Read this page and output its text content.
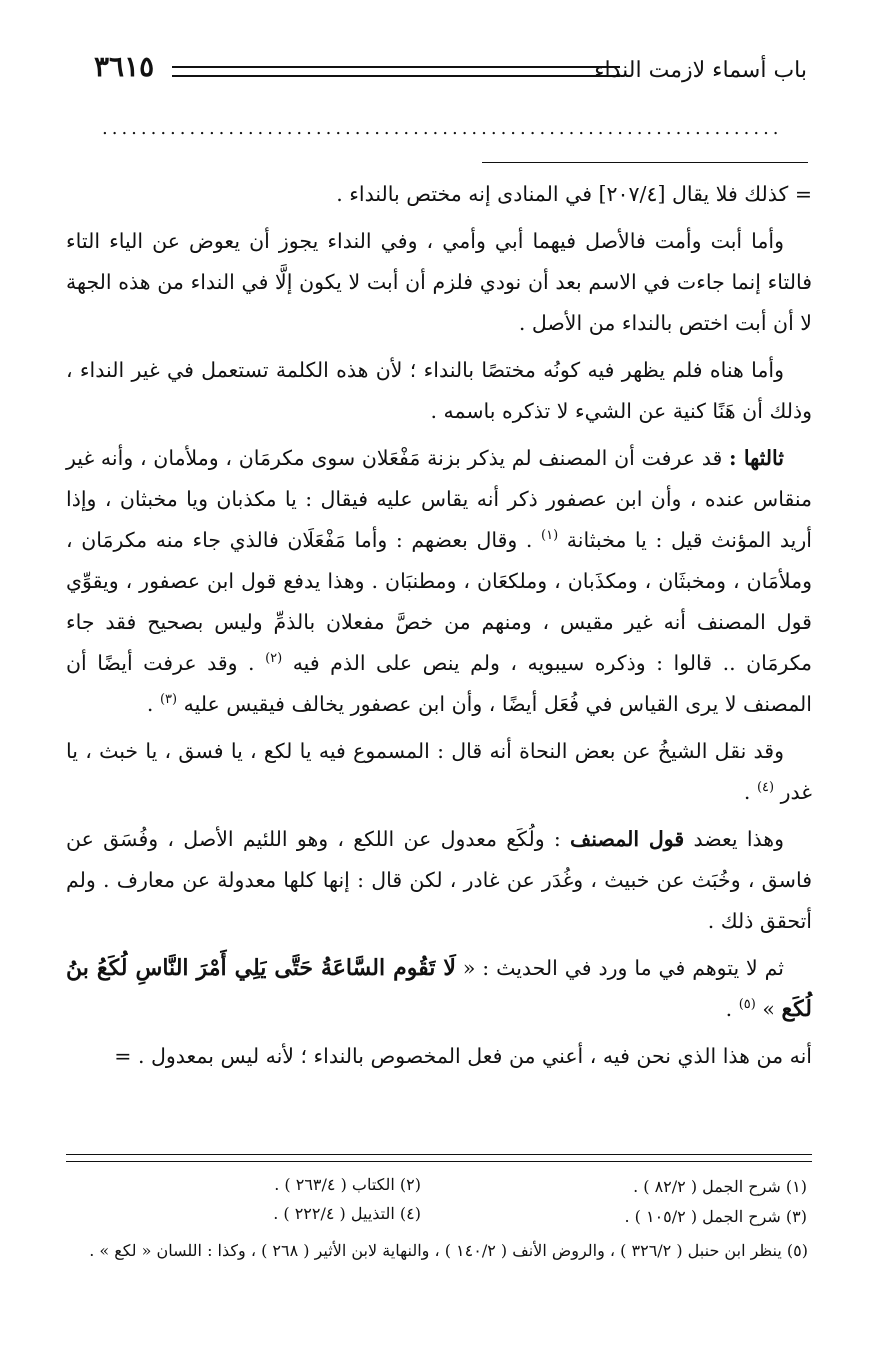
باب أسماء لازمت النداء
٣٦١٥
......................................................................

= كذلك فلا يقال [٢٠٧/٤] في المنادى إنه مختص بالنداء .

وأما أبت وأمت فالأصل فيهما أبي وأمي ، وفي النداء يجوز أن يعوض عن الياء التاء فالتاء إنما جاءت في الاسم بعد أن نودي فلزم أن أبت لا يكون إلَّا في النداء من هذه الجهة لا أن أبت اختص بالنداء من الأصل .

وأما هناه فلم يظهر فيه كونُه مختصًا بالنداء ؛ لأن هذه الكلمة تستعمل في غير النداء ، وذلك أن هَنًا كنية عن الشيء لا تذكره باسمه .

ثالثها : قد عرفت أن المصنف لم يذكر بزنة مَفْعَلان سوى مكرمَان ، وملأمان ، وأنه غير منقاس عنده ، وأن ابن عصفور ذكر أنه يقاس عليه فيقال : يا مكذبان ويا مخبثان ، وإذا أريد المؤنث قيل : يا مخبثانة $^{(١)}$ . وقال بعضهم : وأما مَفْعَلَان فالذي جاء منه مكرمَان ، وملأمَان ، ومخبثَان ، ومكذَبان ، وملكعَان ، ومطنبَان . وهذا يدفع قول ابن عصفور ، ويقوِّي قول المصنف أنه غير مقيس ، ومنهم من خصَّ مفعلان بالذمِّ وليس بصحيح فقد جاء مكرمَان .. قالوا : وذكره سيبويه ، ولم ينص على الذم فيه $^{(٢)}$ . وقد عرفت أيضًا أن المصنف لا يرى القياس في فُعَل أيضًا ، وأن ابن عصفور يخالف فيقيس عليه $^{(٣)}$ .

وقد نقل الشيخُ عن بعض النحاة أنه قال : المسموع فيه يا لكع ، يا فسق ، يا خبث ، يا غدر $^{(٤)}$ .

وهذا يعضد قول المصنف : ولُكَع معدول عن اللكع ، وهو اللئيم الأصل ، وفُسَق عن فاسق ، وخُبَث عن خبيث ، وغُدَر عن غادر ، لكن قال : إنها كلها معدولة عن معارف . ولم أتحقق ذلك .

ثم لا يتوهم في ما ورد في الحديث : « لَا تَقُوم السَّاعَةُ حَتَّى يَلِي أَمْرَ النَّاسِ لُكَعُ بنُ لُكَع » $^{(٥)}$ .

أنه من هذا الذي نحن فيه ، أعني من فعل المخصوص بالنداء ؛ لأنه ليس بمعدول . =

(١) شرح الجمل ( ٨٢/٢ ) .
(٢) الكتاب ( ٢٦٣/٤ ) .
(٣) شرح الجمل ( ١٠٥/٢ ) .
(٤) التذييل ( ٢٢٢/٤ ) .
(٥) ينظر ابن حنبل ( ٣٢٦/٢ ) ، والروض الأنف ( ١٤٠/٢ ) ، والنهاية لابن الأثير ( ٢٦٨ ) ، وكذا : اللسان « لكع » .
